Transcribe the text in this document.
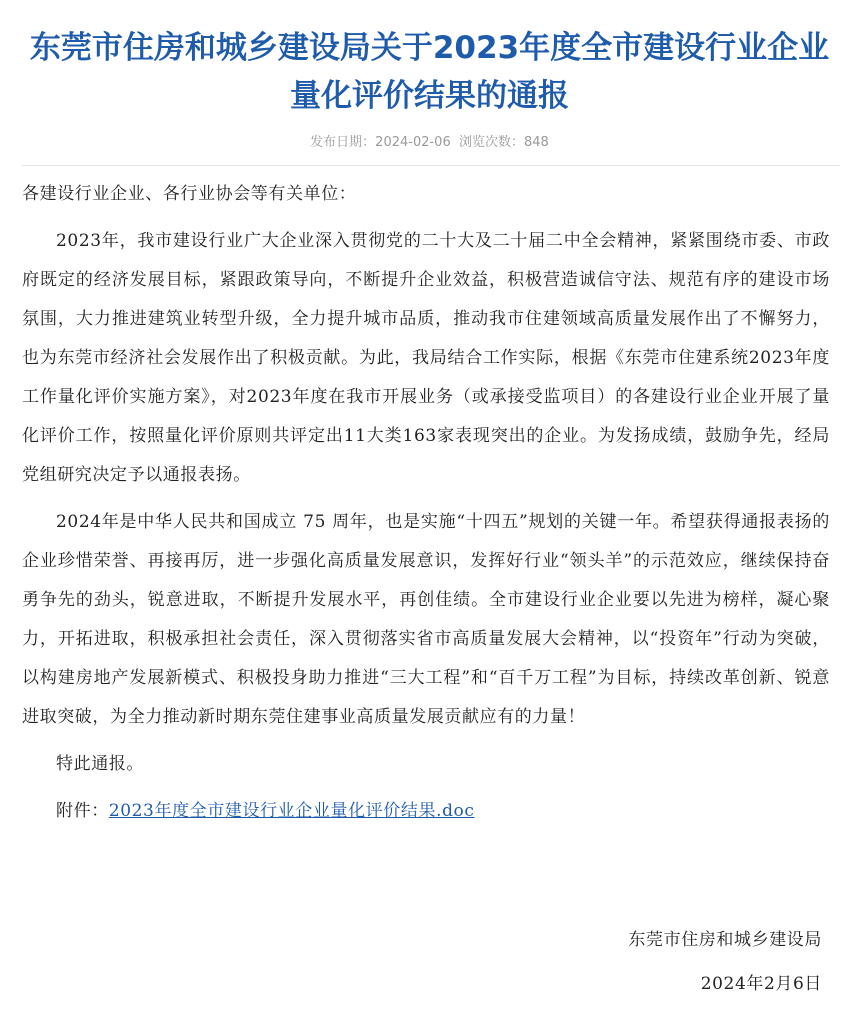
东莞市住房和城乡建设局关于2023年度全市建设行业企业量化评价结果的通报
发布日期：2024-02-06 浏览次数：848

各建设行业企业、各行业协会等有关单位：

2023年，我市建设行业广大企业深入贯彻党的二十大及二十届二中全会精神，紧紧围绕市委、市政府既定的经济发展目标，紧跟政策导向，不断提升企业效益，积极营造诚信守法、规范有序的建设市场氛围，大力推进建筑业转型升级，全力提升城市品质，推动我市住建领域高质量发展作出了不懈努力，也为东莞市经济社会发展作出了积极贡献。为此，我局结合工作实际，根据《东莞市住建系统2023年度工作量化评价实施方案》，对2023年度在我市开展业务（或承接受监项目）的各建设行业企业开展了量化评价工作，按照量化评价原则共评定出11大类163家表现突出的企业。为发扬成绩，鼓励争先，经局党组研究决定予以通报表扬。

2024年是中华人民共和国成立 75 周年，也是实施“十四五”规划的关键一年。希望获得通报表扬的企业珍惜荣誉、再接再厉，进一步强化高质量发展意识，发挥好行业“领头羊”的示范效应，继续保持奋勇争先的劲头，锐意进取，不断提升发展水平，再创佳绩。全市建设行业企业要以先进为榜样，凝心聚力，开拓进取，积极承担社会责任，深入贯彻落实省市高质量发展大会精神，以“投资年”行动为突破，以构建房地产发展新模式、积极投身助力推进“三大工程”和“百千万工程”为目标，持续改革创新、锐意进取突破，为全力推动新时期东莞住建事业高质量发展贡献应有的力量！

特此通报。

附件：2023年度全市建设行业企业量化评价结果.doc

东莞市住房和城乡建设局
2024年2月6日
